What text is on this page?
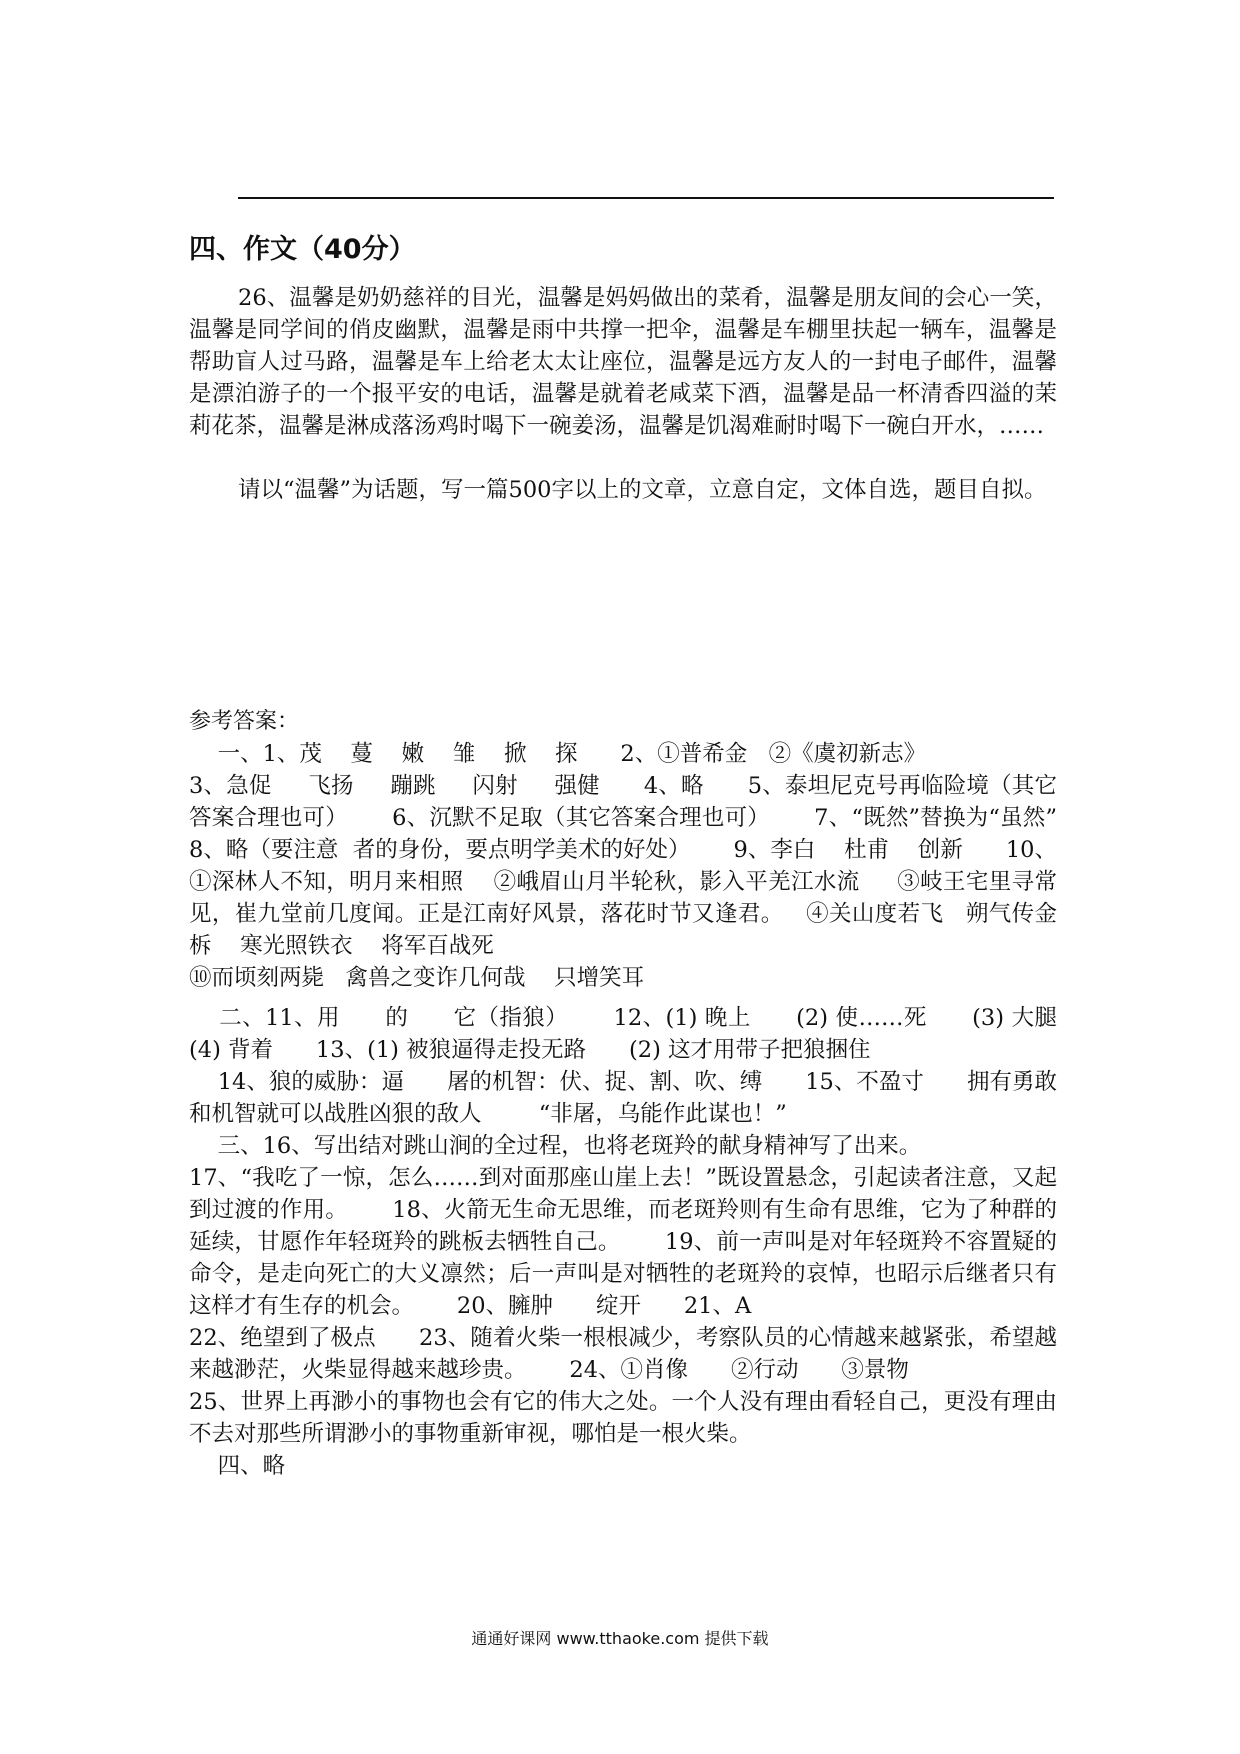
四、作文（40分）
26、温馨是奶奶慈祥的目光，温馨是妈妈做出的菜肴，温馨是朋友间的会心一笑，温馨是同学间的俏皮幽默，温馨是雨中共撑一把伞，温馨是车棚里扶起一辆车，温馨是帮助盲人过马路，温馨是车上给老太太让座位，温馨是远方友人的一封电子邮件，温馨是漂泊游子的一个报平安的电话，温馨是就着老咸菜下酒，温馨是品一杯清香四溢的茉莉花茶，温馨是淋成落汤鸡时喝下一碗姜汤，温馨是饥渴难耐时喝下一碗白开水，……
请以“温馨”为话题，写一篇500字以上的文章，立意自定，文体自选，题目自拟。
参考答案：
一、1、茂    蔓    嫩    雏    掀    探      2、①普希金   ②《虞初新志》
3、急促     飞扬     蹦跳     闪射     强健      4、略      5、泰坦尼克号再临险境（其它答案合理也可）      6、沉默不足取（其它答案合理也可）      7、“既然”替换为“虽然”      8、略（要注意  者的身份，要点明学美术的好处）      9、李白    杜甫    创新      10、①深林人不知，明月来相照    ②峨眉山月半轮秋，影入平羌江水流     ③岐王宅里寻常见，崔九堂前几度闻。正是江南好风景，落花时节又逢君。   ④关山度若飞   朔气传金柝    寒光照铁衣    将军百战死
⑩而顷刻两毙   禽兽之变诈几何哉    只增笑耳
二、11、用      的      它（指狼）      12、(1) 晚上      (2) 使……死      (3) 大腿      (4) 背着      13、(1) 被狼逼得走投无路      (2) 这才用带子把狼捆住
14、狼的威胁：逼      屠的机智：伏、捉、割、吹、缚      15、不盈寸      拥有勇敢和机智就可以战胜凶狠的敌人        “非屠，乌能作此谋也！”
三、16、写出结对跳山涧的全过程，也将老斑羚的献身精神写了出来。
17、“我吃了一惊，怎么……到对面那座山崖上去！”既设置悬念，引起读者注意，又起到过渡的作用。      18、火箭无生命无思维，而老斑羚则有生命有思维，它为了种群的延续，甘愿作年轻斑羚的跳板去牺牲自己。      19、前一声叫是对年轻斑羚不容置疑的命令，是走向死亡的大义凛然；后一声叫是对牺牲的老斑羚的哀悼，也昭示后继者只有这样才有生存的机会。      20、臃肿      绽开      21、A
22、绝望到了极点      23、随着火柴一根根减少，考察队员的心情越来越紧张，希望越来越渺茫，火柴显得越来越珍贵。      24、①肖像      ②行动      ③景物
25、世界上再渺小的事物也会有它的伟大之处。一个人没有理由看轻自己，更没有理由不去对那些所谓渺小的事物重新审视，哪怕是一根火柴。
四、略
通通好课网 www.tthaoke.com 提供下载
